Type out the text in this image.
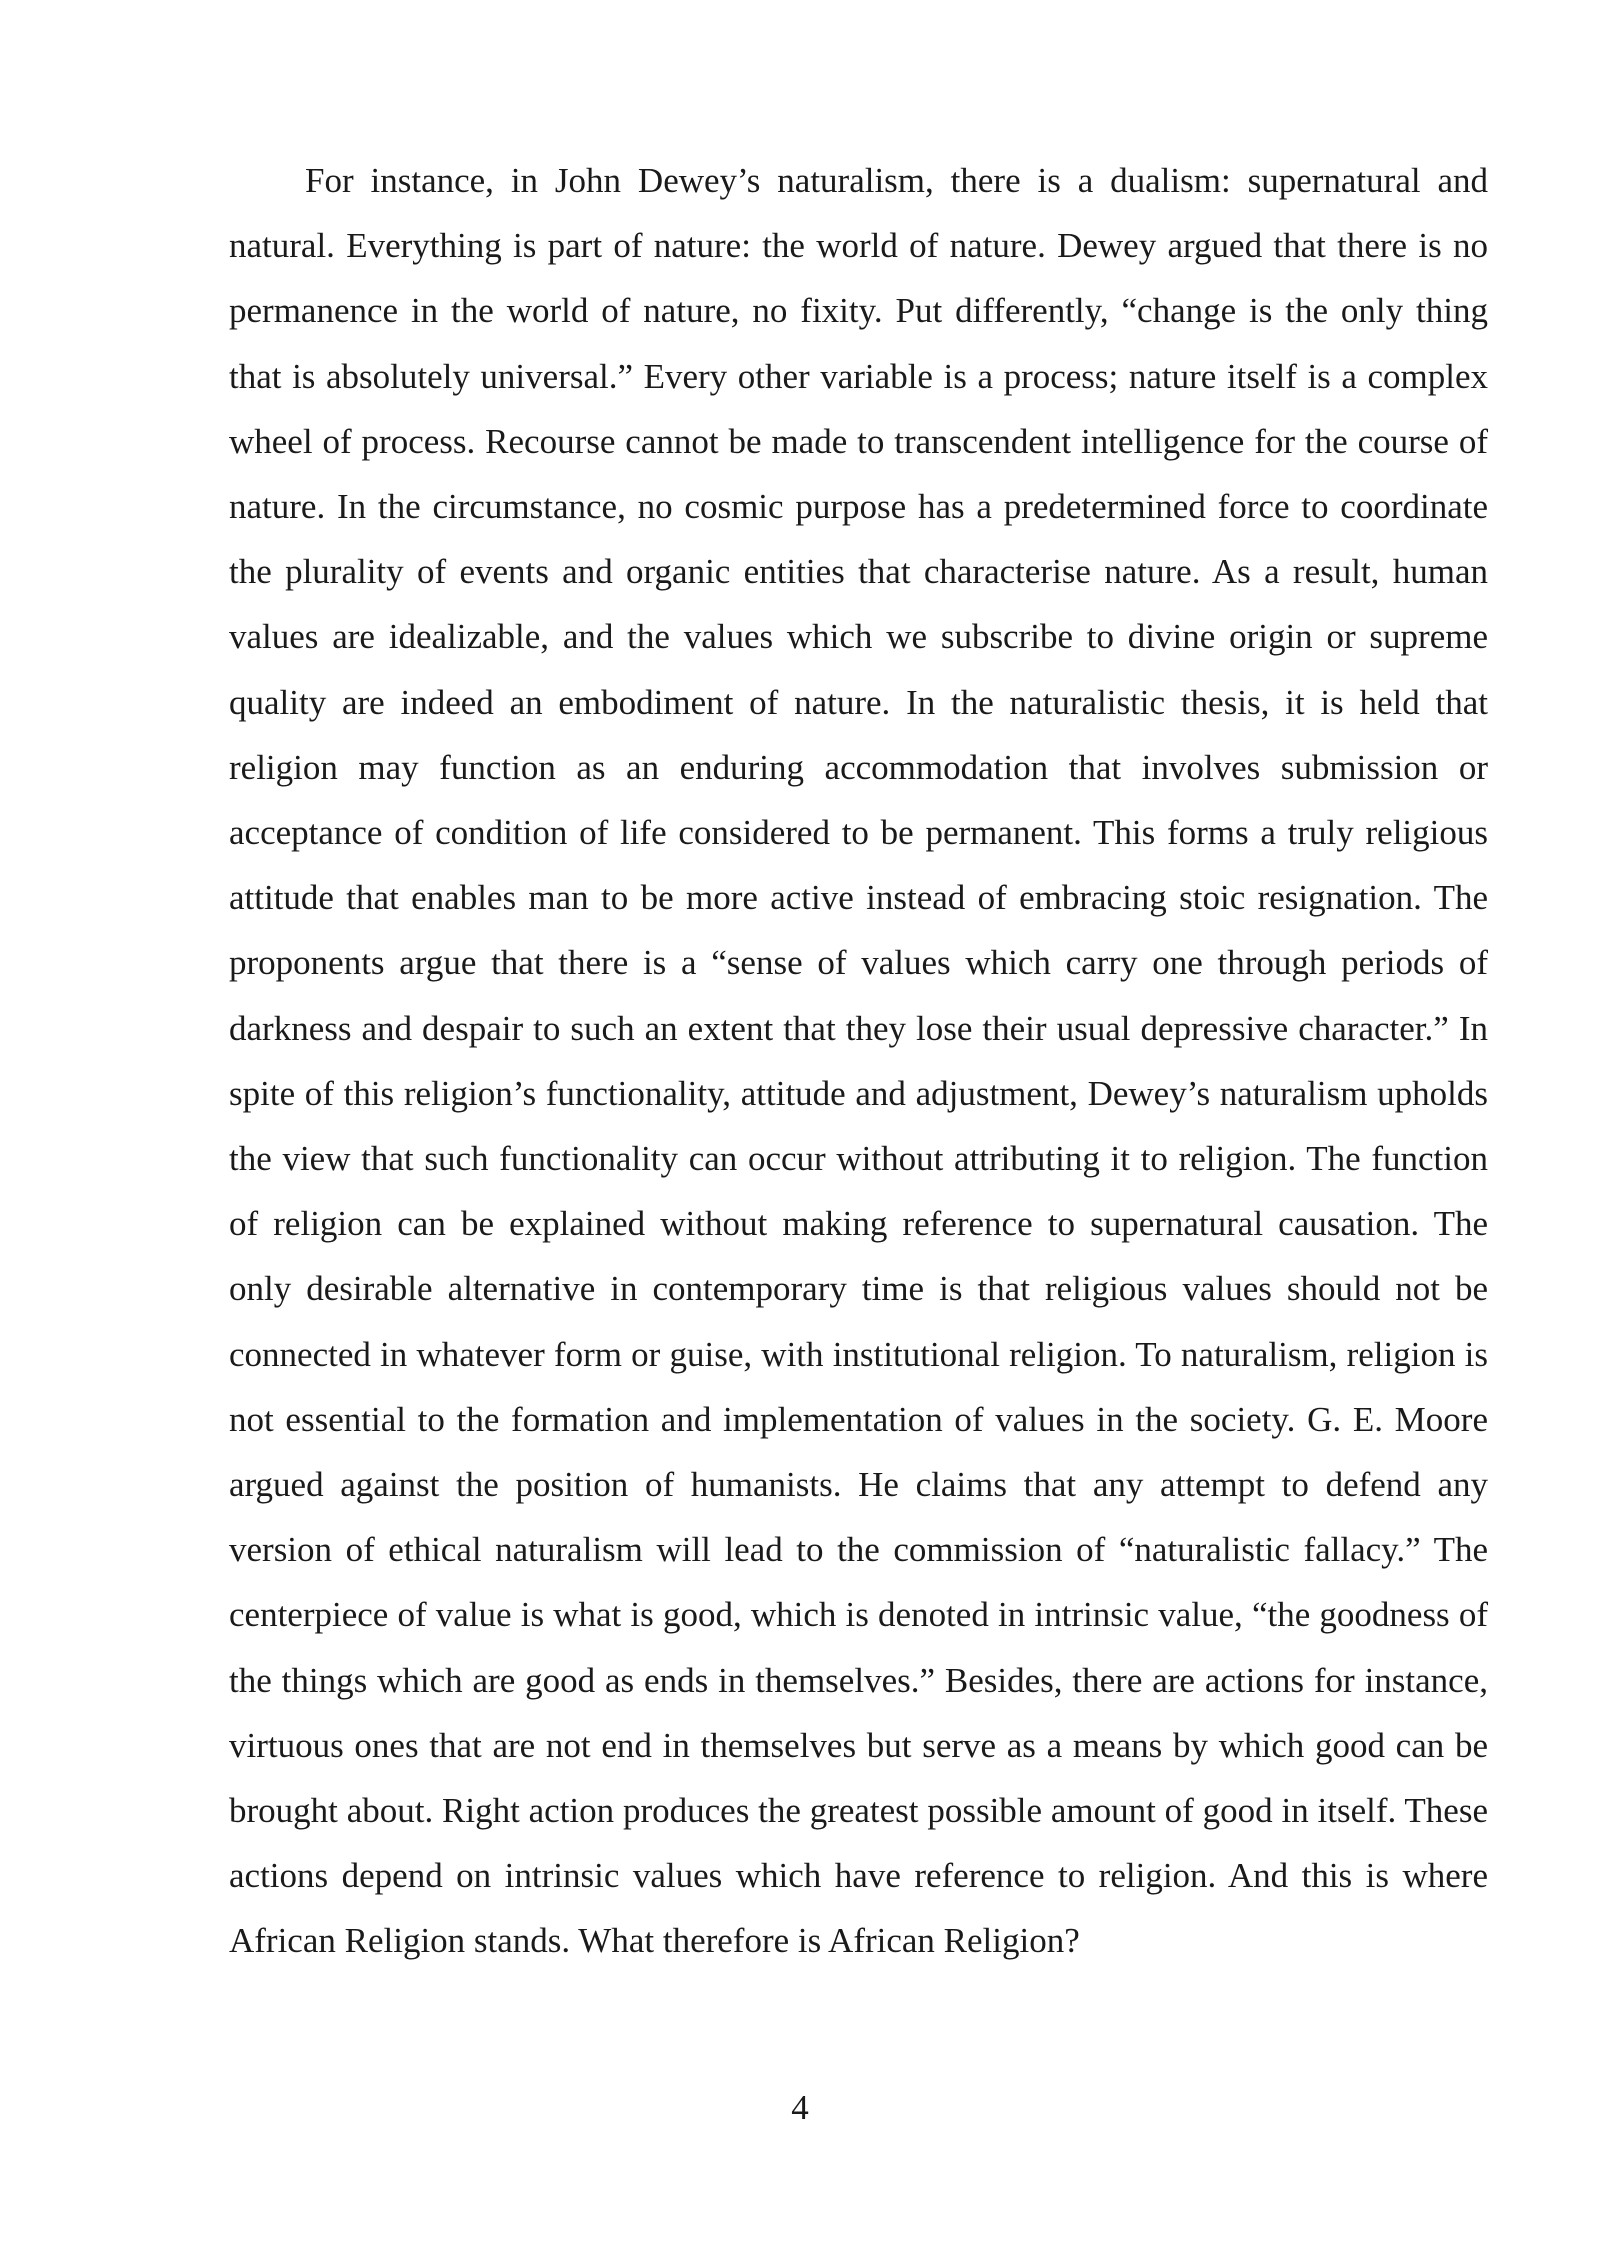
For instance, in John Dewey’s naturalism, there is a dualism: supernatural and natural. Everything is part of nature: the world of nature. Dewey argued that there is no permanence in the world of nature, no fixity. Put differently, “change is the only thing that is absolutely universal.” Every other variable is a process; nature itself is a complex wheel of process. Recourse cannot be made to transcendent intelligence for the course of nature. In the circumstance, no cosmic purpose has a predetermined force to coordinate the plurality of events and organic entities that characterise nature. As a result, human values are idealizable, and the values which we subscribe to divine origin or supreme quality are indeed an embodiment of nature. In the naturalistic thesis, it is held that religion may function as an enduring accommodation that involves submission or acceptance of condition of life considered to be permanent. This forms a truly religious attitude that enables man to be more active instead of embracing stoic resignation. The proponents argue that there is a “sense of values which carry one through periods of darkness and despair to such an extent that they lose their usual depressive character.” In spite of this religion’s functionality, attitude and adjustment, Dewey’s naturalism upholds the view that such functionality can occur without attributing it to religion. The function of religion can be explained without making reference to supernatural causation. The only desirable alternative in contemporary time is that religious values should not be connected in whatever form or guise, with institutional religion. To naturalism, religion is not essential to the formation and implementation of values in the society. G. E. Moore argued against the position of humanists. He claims that any attempt to defend any version of ethical naturalism will lead to the commission of “naturalistic fallacy.” The centerpiece of value is what is good, which is denoted in intrinsic value, “the goodness of the things which are good as ends in themselves.” Besides, there are actions for instance, virtuous ones that are not end in themselves but serve as a means by which good can be brought about. Right action produces the greatest possible amount of good in itself. These actions depend on intrinsic values which have reference to religion. And this is where African Religion stands. What therefore is African Religion?

4
